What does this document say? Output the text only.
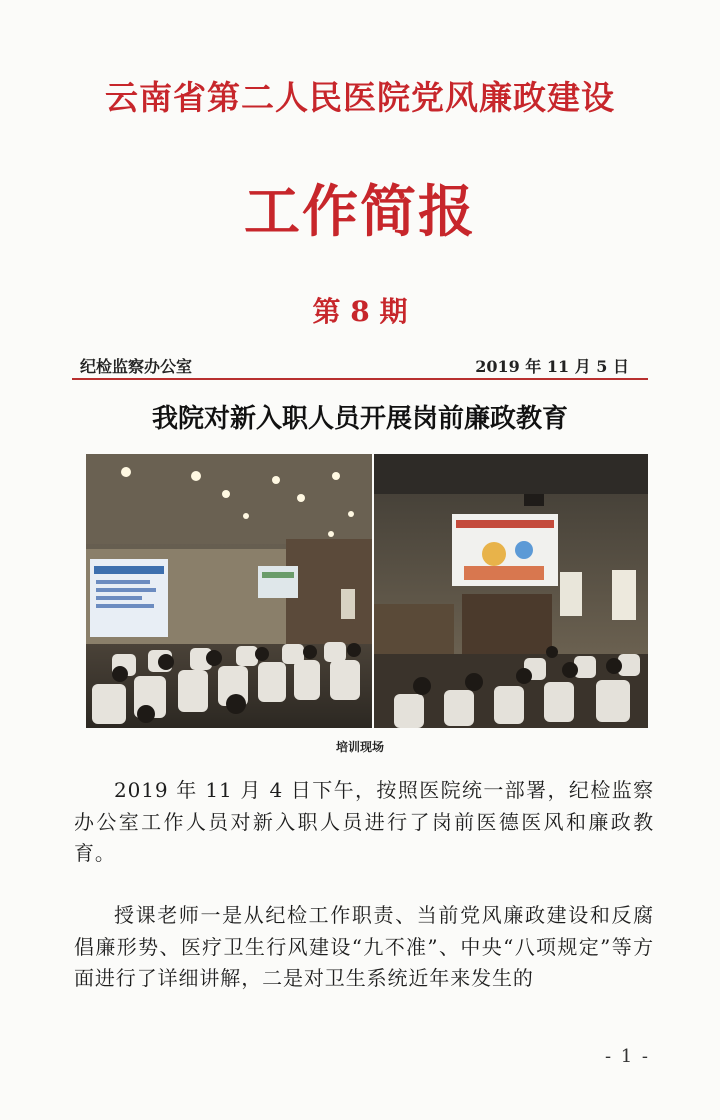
云南省第二人民医院党风廉政建设
工作简报
第 8 期
纪检监察办公室	2019 年 11 月 5 日
我院对新入职人员开展岗前廉政教育
培训现场
2019 年 11 月 4 日下午，按照医院统一部署，纪检监察办公室工作人员对新入职人员进行了岗前医德医风和廉政教育。
授课老师一是从纪检工作职责、当前党风廉政建设和反腐倡廉形势、医疗卫生行风建设“九不准”、中央“八项规定”等方面进行了详细讲解，二是对卫生系统近年来发生的
- 1 -
